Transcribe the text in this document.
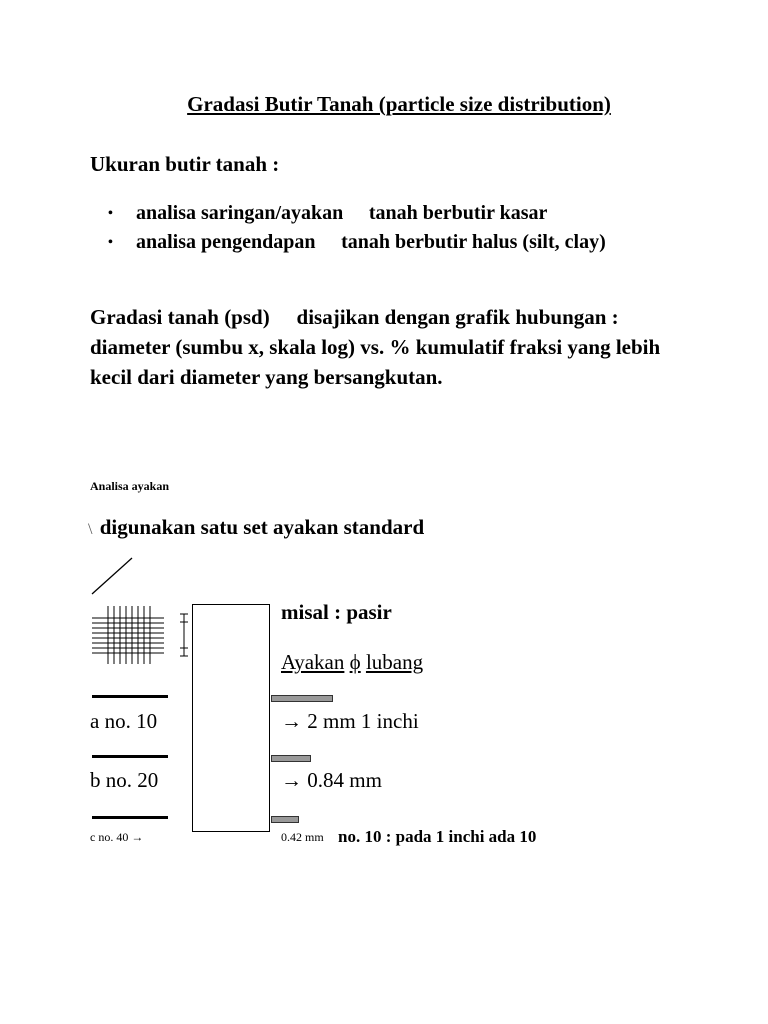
Gradasi Butir Tanah (particle size distribution)
Ukuran butir tanah :
• analisa saringan/ayakan tanah berbutir kasar
• analisa pengendapan tanah berbutir halus (silt, clay)
Gradasi tanah (psd) disajikan dengan grafik hubungan : diameter (sumbu x, skala log) vs. % kumulatif fraksi yang lebih kecil dari diameter yang bersangkutan.
Analisa ayakan
\ digunakan satu set ayakan standard
misal : pasir
Ayakan ϕ lubang
a no. 10	→ 2 mm 1 inchi
b no. 20	→ 0.84 mm
c no. 40 →	0.42 mm no. 10 : pada 1 inchi ada 10
